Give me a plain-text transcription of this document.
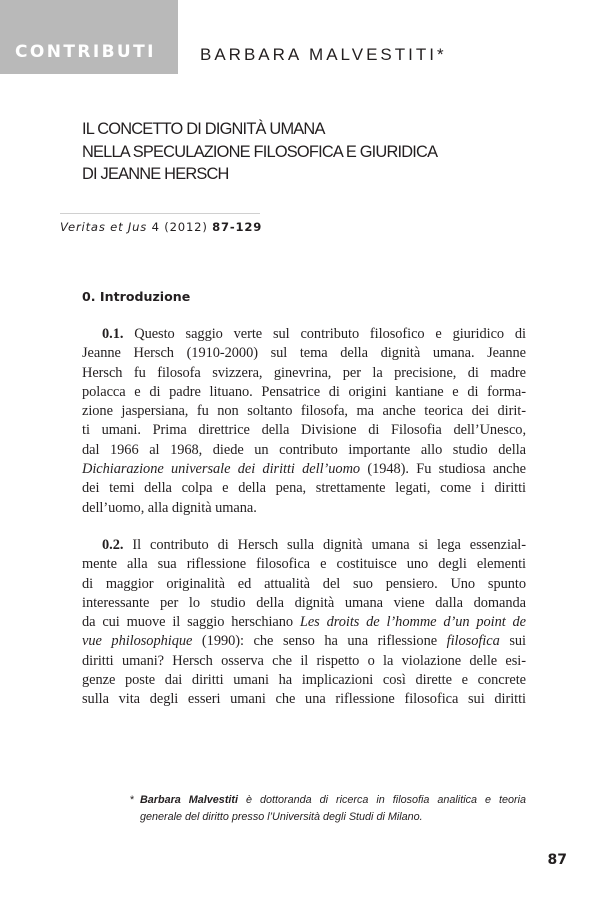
CONTRIBUTI	BARBARA MALVESTITI*
IL CONCETTO DI DIGNITÀ UMANA
NELLA SPECULAZIONE FILOSOFICA E GIURIDICA
DI JEANNE HERSCH
Veritas et Jus 4 (2012) 87-129
0. Introduzione
0.1. Questo saggio verte sul contributo filosofico e giuridico di
Jeanne Hersch (1910-2000) sul tema della dignità umana. Jeanne
Hersch fu filosofa svizzera, ginevrina, per la precisione, di madre
polacca e di padre lituano. Pensatrice di origini kantiane e di forma-
zione jaspersiana, fu non soltanto filosofa, ma anche teorica dei dirit-
ti umani. Prima direttrice della Divisione di Filosofia dell’Unesco,
dal 1966 al 1968, diede un contributo importante allo studio della
Dichiarazione universale dei diritti dell’uomo (1948). Fu studiosa anche
dei temi della colpa e della pena, strettamente legati, come i diritti
dell’uomo, alla dignità umana.
0.2. Il contributo di Hersch sulla dignità umana si lega essenzial-
mente alla sua riflessione filosofica e costituisce uno degli elementi
di maggior originalità ed attualità del suo pensiero. Uno spunto
interessante per lo studio della dignità umana viene dalla domanda
da cui muove il saggio herschiano Les droits de l’homme d’un point de
vue philosophique (1990): che senso ha una riflessione filosofica sui
diritti umani? Hersch osserva che il rispetto o la violazione delle esi-
genze poste dai diritti umani ha implicazioni così dirette e concrete
sulla vita degli esseri umani che una riflessione filosofica sui diritti
* Barbara Malvestiti è dottoranda di ricerca in filosofia analitica e teoria
generale del diritto presso l’Università degli Studi di Milano.
87
